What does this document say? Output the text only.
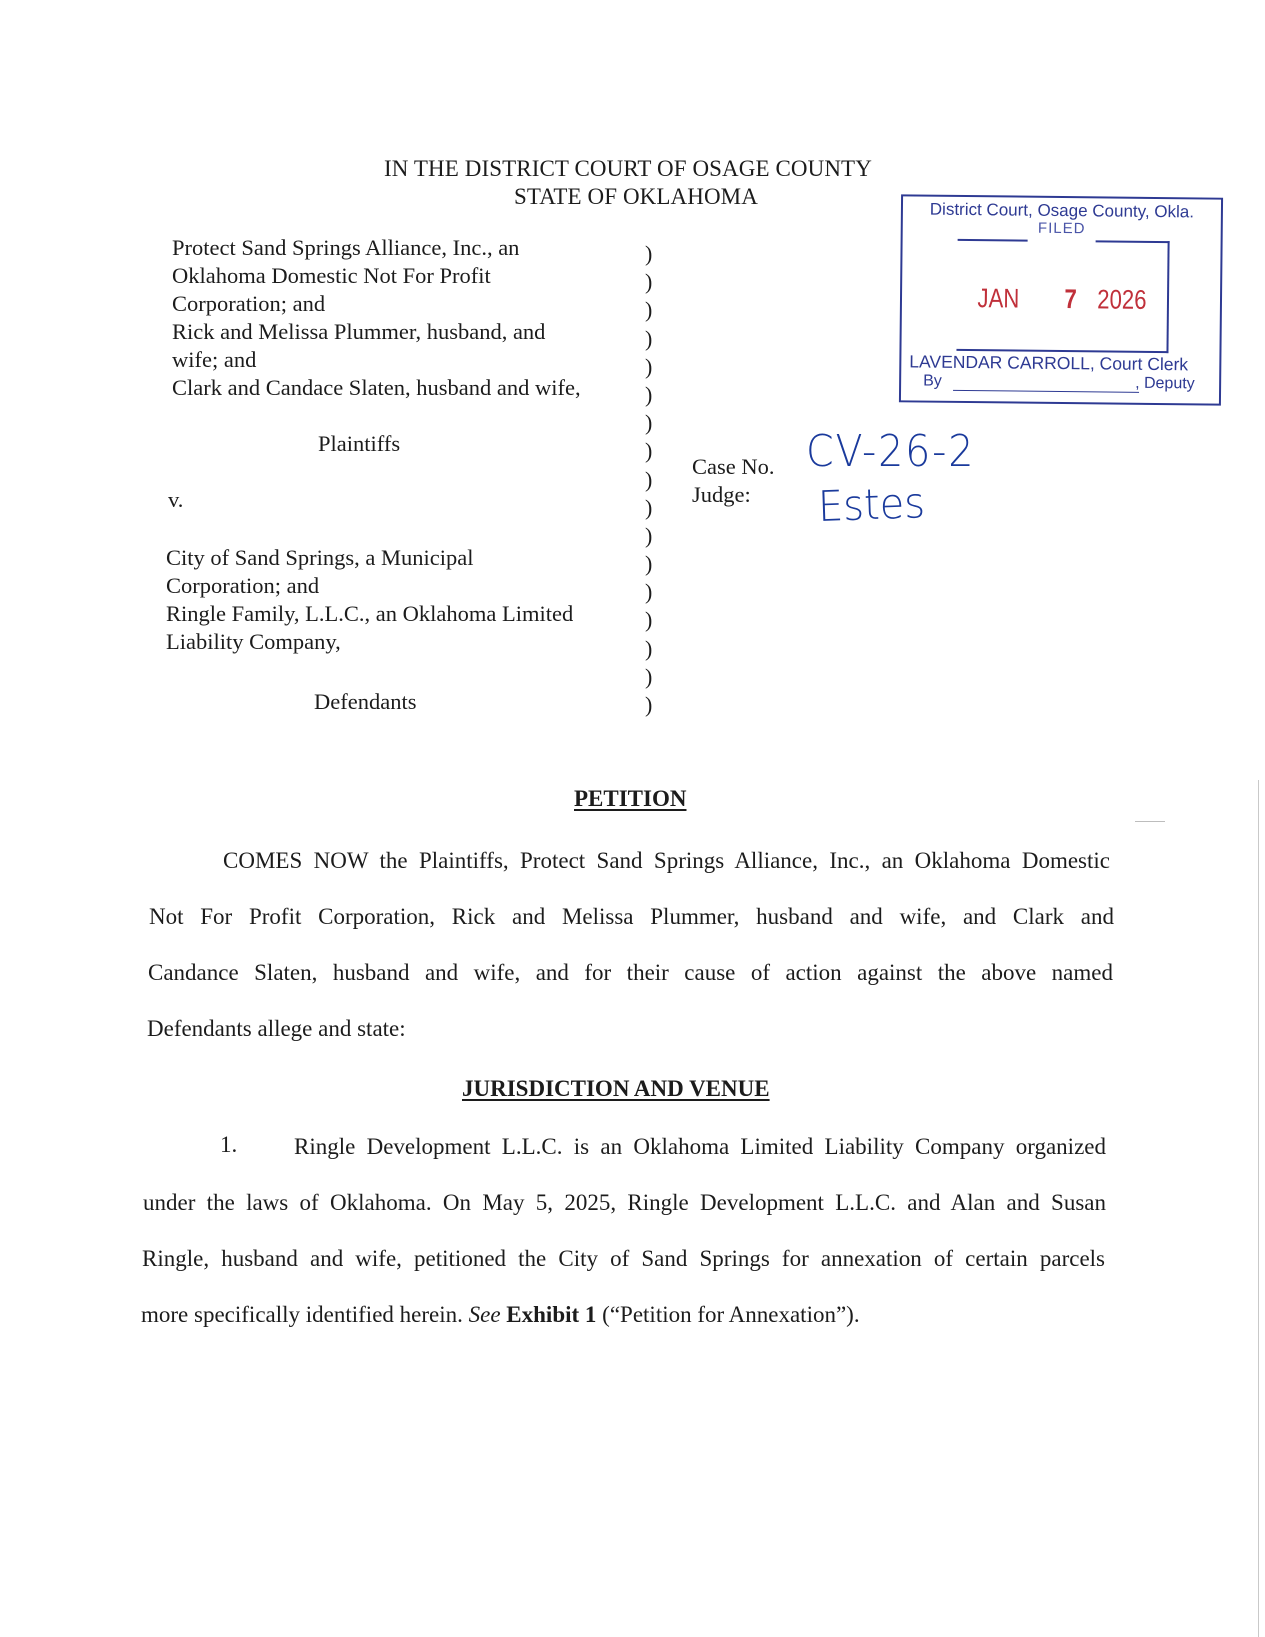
IN THE DISTRICT COURT OF OSAGE COUNTY
STATE OF OKLAHOMA
Protect Sand Springs Alliance, Inc., an
Oklahoma Domestic Not For Profit
Corporation; and
Rick and Melissa Plummer, husband, and
wife; and
Clark and Candace Slaten, husband and wife,
Plaintiffs
v.
City of Sand Springs, a Municipal
Corporation; and
Ringle Family, L.L.C., an Oklahoma Limited
Liability Company,
Defendants
)
)
)
)
)
)
)
)
)
)
)
)
)
)
)
)
)
Case No.
Judge:
CV-26-2
Estes
District Court, Osage County, Okla.
FILED
JAN 7 2026
LAVENDAR CARROLL, Court Clerk
By	, Deputy
PETITION
COMES NOW the Plaintiffs, Protect Sand Springs Alliance, Inc., an Oklahoma Domestic
Not For Profit Corporation, Rick and Melissa Plummer, husband and wife, and Clark and
Candance Slaten, husband and wife, and for their cause of action against the above named
Defendants allege and state:
JURISDICTION AND VENUE
1. Ringle Development L.L.C. is an Oklahoma Limited Liability Company organized
under the laws of Oklahoma. On May 5, 2025, Ringle Development L.L.C. and Alan and Susan
Ringle, husband and wife, petitioned the City of Sand Springs for annexation of certain parcels
more specifically identified herein. See Exhibit 1 (“Petition for Annexation”).
